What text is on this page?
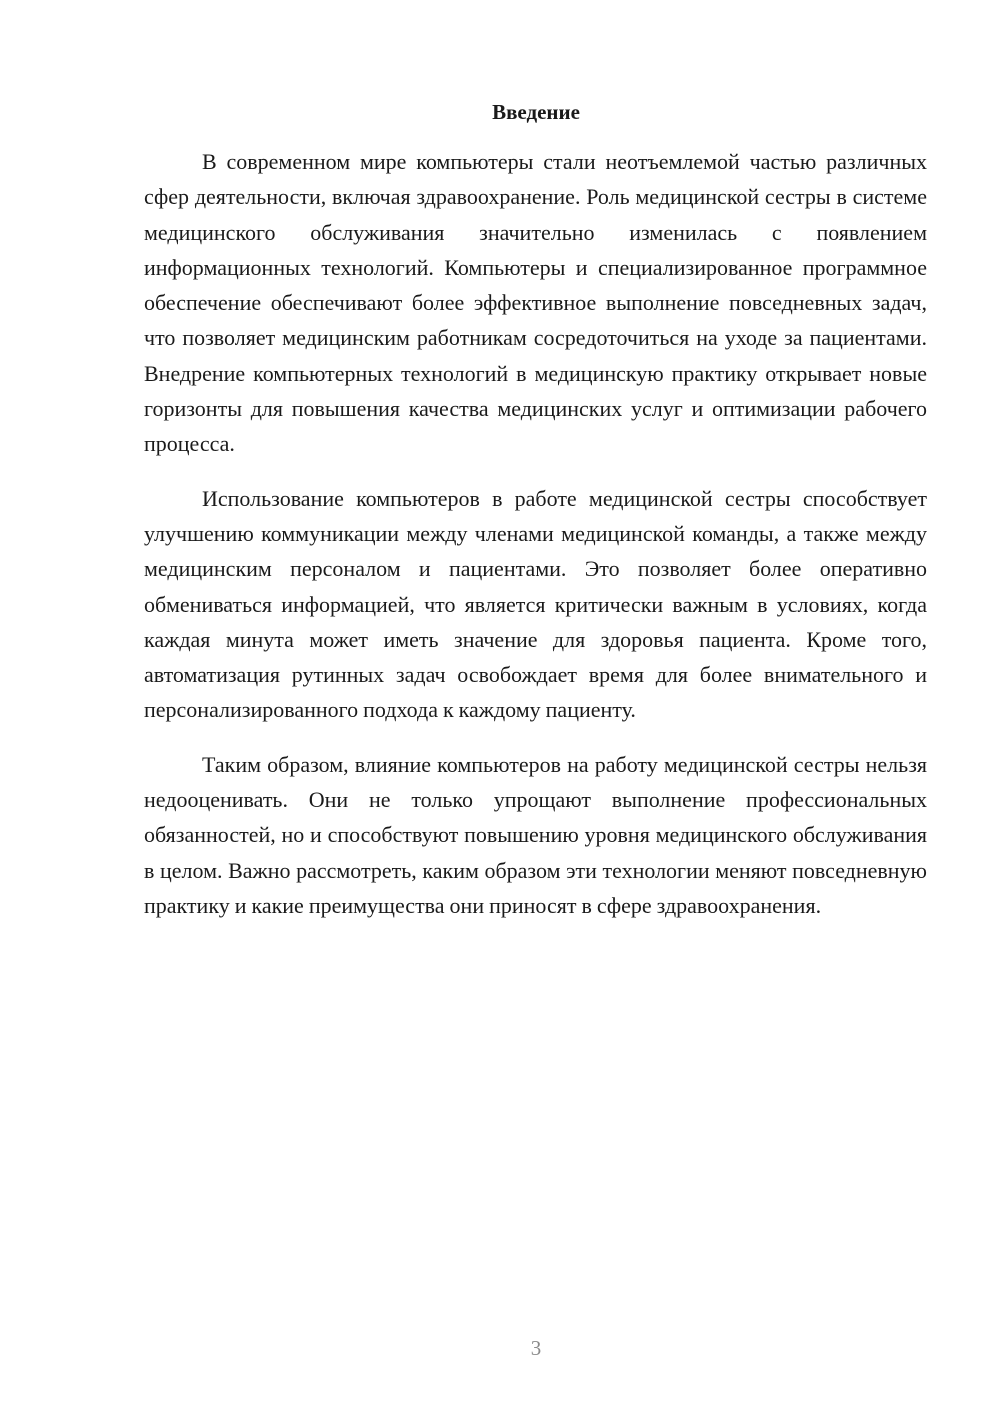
Введение

В современном мире компьютеры стали неотъемлемой частью различных сфер деятельности, включая здравоохранение. Роль медицинской сестры в системе медицинского обслуживания значительно изменилась с появлением информационных технологий. Компьютеры и специализированное программное обеспечение обеспечивают более эффективное выполнение повседневных задач, что позволяет медицинским работникам сосредоточиться на уходе за пациентами. Внедрение компьютерных технологий в медицинскую практику открывает новые горизонты для повышения качества медицинских услуг и оптимизации рабочего процесса.

Использование компьютеров в работе медицинской сестры способствует улучшению коммуникации между членами медицинской команды, а также между медицинским персоналом и пациентами. Это позволяет более оперативно обмениваться информацией, что является критически важным в условиях, когда каждая минута может иметь значение для здоровья пациента. Кроме того, автоматизация рутинных задач освобождает время для более внимательного и персонализированного подхода к каждому пациенту.

Таким образом, влияние компьютеров на работу медицинской сестры нельзя недооценивать. Они не только упрощают выполнение профессиональных обязанностей, но и способствуют повышению уровня медицинского обслуживания в целом. Важно рассмотреть, каким образом эти технологии меняют повседневную практику и какие преимущества они приносят в сфере здравоохранения.

3
